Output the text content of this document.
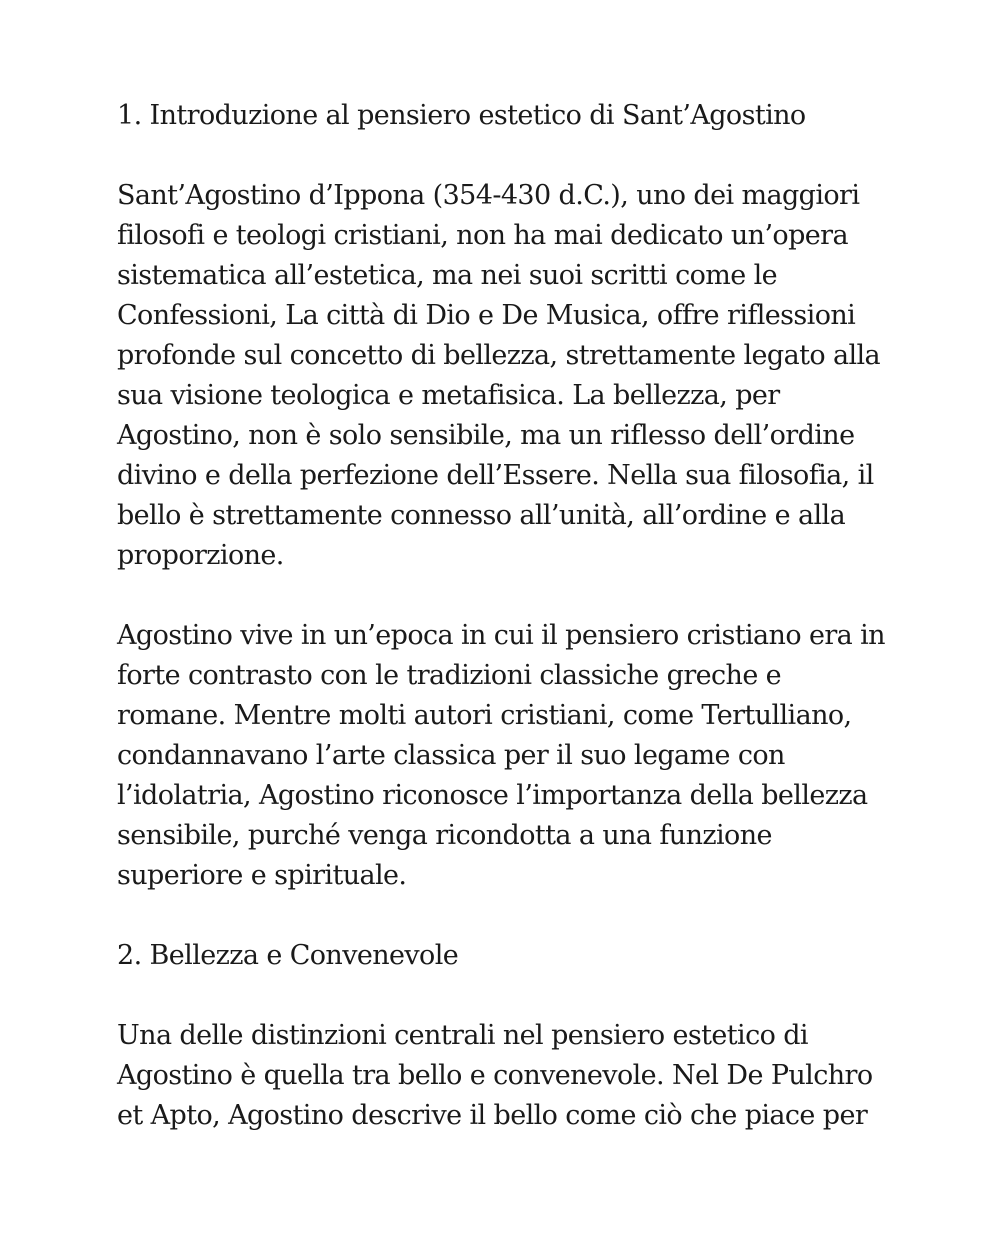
1. Introduzione al pensiero estetico di Sant’Agostino

Sant’Agostino d’Ippona (354-430 d.C.), uno dei maggiori filosofi e teologi cristiani, non ha mai dedicato un’opera sistematica all’estetica, ma nei suoi scritti come le Confessioni, La città di Dio e De Musica, offre riflessioni profonde sul concetto di bellezza, strettamente legato alla sua visione teologica e metafisica. La bellezza, per Agostino, non è solo sensibile, ma un riflesso dell’ordine divino e della perfezione dell’Essere. Nella sua filosofia, il bello è strettamente connesso all’unità, all’ordine e alla proporzione.

Agostino vive in un’epoca in cui il pensiero cristiano era in forte contrasto con le tradizioni classiche greche e romane. Mentre molti autori cristiani, come Tertulliano, condannavano l’arte classica per il suo legame con l’idolatria, Agostino riconosce l’importanza della bellezza sensibile, purché venga ricondotta a una funzione superiore e spirituale.

2. Bellezza e Convenevole

Una delle distinzioni centrali nel pensiero estetico di Agostino è quella tra bello e convenevole. Nel De Pulchro et Apto, Agostino descrive il bello come ciò che piace per
